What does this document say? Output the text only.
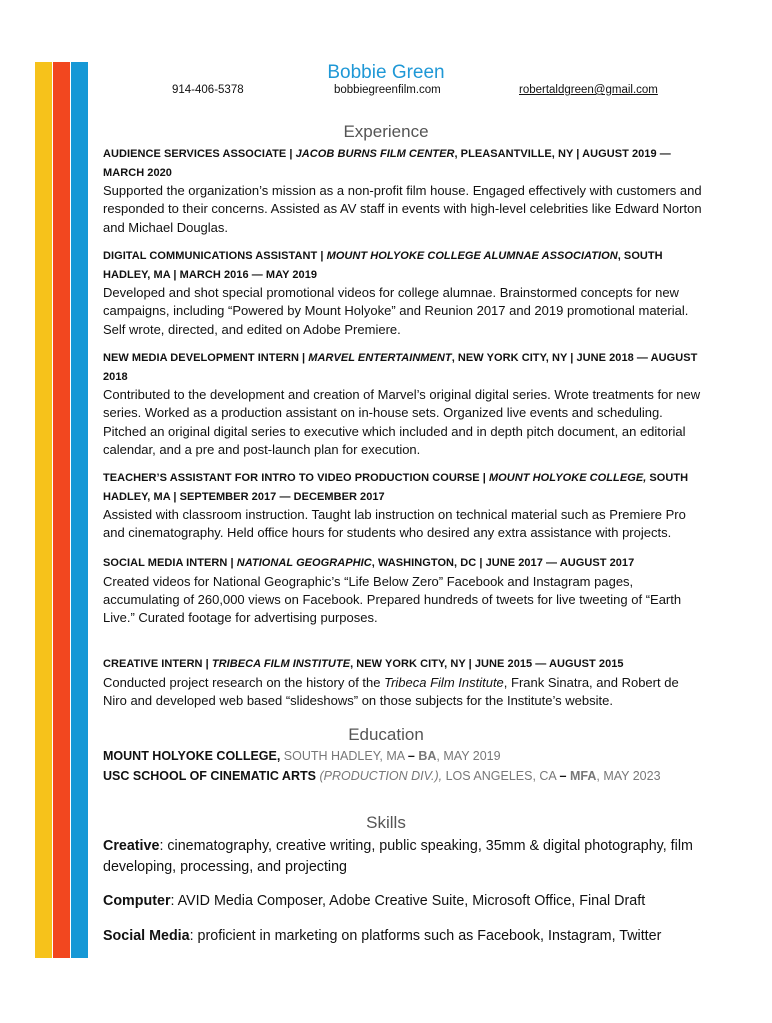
Bobbie Green
914-406-5378	bobbiegreenfilm.com	robertaldgreen@gmail.com
Experience
AUDIENCE SERVICES ASSOCIATE | JACOB BURNS FILM CENTER, PLEASANTVILLE, NY | AUGUST 2019 — MARCH 2020
Supported the organization’s mission as a non-profit film house. Engaged effectively with customers and responded to their concerns. Assisted as AV staff in events with high-level celebrities like Edward Norton and Michael Douglas.
DIGITAL COMMUNICATIONS ASSISTANT | MOUNT HOLYOKE COLLEGE ALUMNAE ASSOCIATION, SOUTH HADLEY, MA | MARCH 2016 — MAY 2019
Developed and shot special promotional videos for college alumnae. Brainstormed concepts for new campaigns, including “Powered by Mount Holyoke” and Reunion 2017 and 2019 promotional material. Self wrote, directed, and edited on Adobe Premiere.
NEW MEDIA DEVELOPMENT INTERN | MARVEL ENTERTAINMENT, NEW YORK CITY, NY | JUNE 2018 — AUGUST 2018
Contributed to the development and creation of Marvel’s original digital series. Wrote treatments for new series. Worked as a production assistant on in-house sets. Organized live events and scheduling. Pitched an original digital series to executive which included and in depth pitch document, an editorial calendar, and a pre and post-launch plan for execution.
TEACHER’S ASSISTANT FOR INTRO TO VIDEO PRODUCTION COURSE | MOUNT HOLYOKE COLLEGE, SOUTH HADLEY, MA | SEPTEMBER 2017 — DECEMBER 2017
Assisted with classroom instruction. Taught lab instruction on technical material such as Premiere Pro and cinematography. Held office hours for students who desired any extra assistance with projects.
SOCIAL MEDIA INTERN | NATIONAL GEOGRAPHIC, WASHINGTON, DC | JUNE 2017 — AUGUST 2017
Created videos for National Geographic’s “Life Below Zero” Facebook and Instagram pages, accumulating of 260,000 views on Facebook. Prepared hundreds of tweets for live tweeting of “Earth Live.” Curated footage for advertising purposes.
CREATIVE INTERN | TRIBECA FILM INSTITUTE, NEW YORK CITY, NY | JUNE 2015 — AUGUST 2015
Conducted project research on the history of the Tribeca Film Institute, Frank Sinatra, and Robert de Niro and developed web based “slideshows” on those subjects for the Institute’s website.
Education
MOUNT HOLYOKE COLLEGE, SOUTH HADLEY, MA – BA, MAY 2019
USC SCHOOL OF CINEMATIC ARTS (PRODUCTION DIV.), LOS ANGELES, CA – MFA, MAY 2023
Skills
Creative: cinematography, creative writing, public speaking, 35mm & digital photography, film developing, processing, and projecting
Computer: AVID Media Composer, Adobe Creative Suite, Microsoft Office, Final Draft
Social Media: proficient in marketing on platforms such as Facebook, Instagram, Twitter
